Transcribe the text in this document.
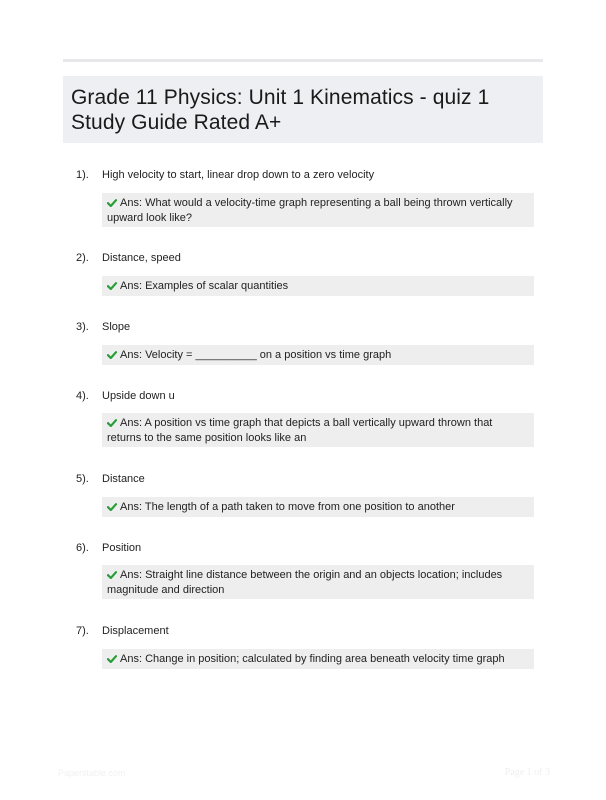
Grade 11 Physics: Unit 1 Kinematics - quiz 1 Study Guide Rated A+
1). High velocity to start, linear drop down to a zero velocity
Ans: What would a velocity-time graph representing a ball being thrown vertically upward look like?
2). Distance, speed
Ans: Examples of scalar quantities
3). Slope
Ans: Velocity = __________ on a position vs time graph
4). Upside down u
Ans: A position vs time graph that depicts a ball vertically upward thrown that returns to the same position looks like an
5). Distance
Ans: The length of a path taken to move from one position to another
6). Position
Ans: Straight line distance between the origin and an objects location; includes magnitude and direction
7). Displacement
Ans: Change in position; calculated by finding area beneath velocity time graph
Paperstable.com	Page 1 of 3
